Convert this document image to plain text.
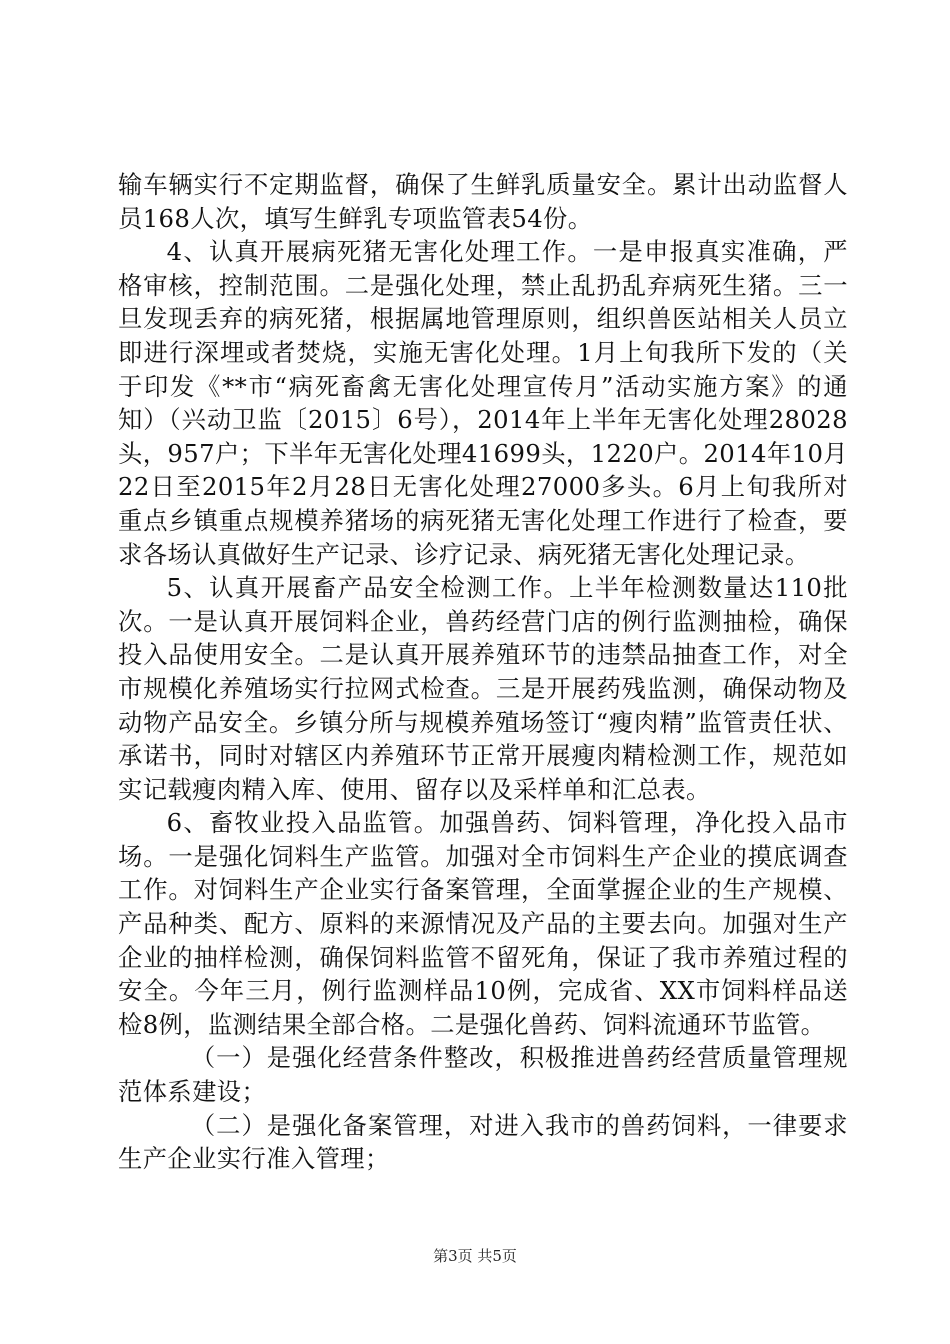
输车辆实行不定期监督，确保了生鲜乳质量安全。累计出动监督人员168人次，填写生鲜乳专项监管表54份。

4、认真开展病死猪无害化处理工作。一是申报真实准确，严格审核，控制范围。二是强化处理，禁止乱扔乱弃病死生猪。三一旦发现丢弃的病死猪，根据属地管理原则，组织兽医站相关人员立即进行深埋或者焚烧，实施无害化处理。1月上旬我所下发的（关于印发《**市“病死畜禽无害化处理宣传月”活动实施方案》的通知）（兴动卫监〔2015〕6号），2014年上半年无害化处理28028头，957户；下半年无害化处理41699头，1220户。2014年10月22日至2015年2月28日无害化处理27000多头。6月上旬我所对重点乡镇重点规模养猪场的病死猪无害化处理工作进行了检查，要求各场认真做好生产记录、诊疗记录、病死猪无害化处理记录。

5、认真开展畜产品安全检测工作。上半年检测数量达110批次。一是认真开展饲料企业，兽药经营门店的例行监测抽检，确保投入品使用安全。二是认真开展养殖环节的违禁品抽查工作，对全市规模化养殖场实行拉网式检查。三是开展药残监测，确保动物及动物产品安全。乡镇分所与规模养殖场签订“瘦肉精”监管责任状、承诺书，同时对辖区内养殖环节正常开展瘦肉精检测工作，规范如实记载瘦肉精入库、使用、留存以及采样单和汇总表。

6、畜牧业投入品监管。加强兽药、饲料管理，净化投入品市场。一是强化饲料生产监管。加强对全市饲料生产企业的摸底调查工作。对饲料生产企业实行备案管理，全面掌握企业的生产规模、产品种类、配方、原料的来源情况及产品的主要去向。加强对生产企业的抽样检测，确保饲料监管不留死角，保证了我市养殖过程的安全。今年三月，例行监测样品10例，完成省、XX市饲料样品送检8例，监测结果全部合格。二是强化兽药、饲料流通环节监管。

（一）是强化经营条件整改，积极推进兽药经营质量管理规范体系建设；

（二）是强化备案管理，对进入我市的兽药饲料，一律要求生产企业实行准入管理；

第3页 共5页
